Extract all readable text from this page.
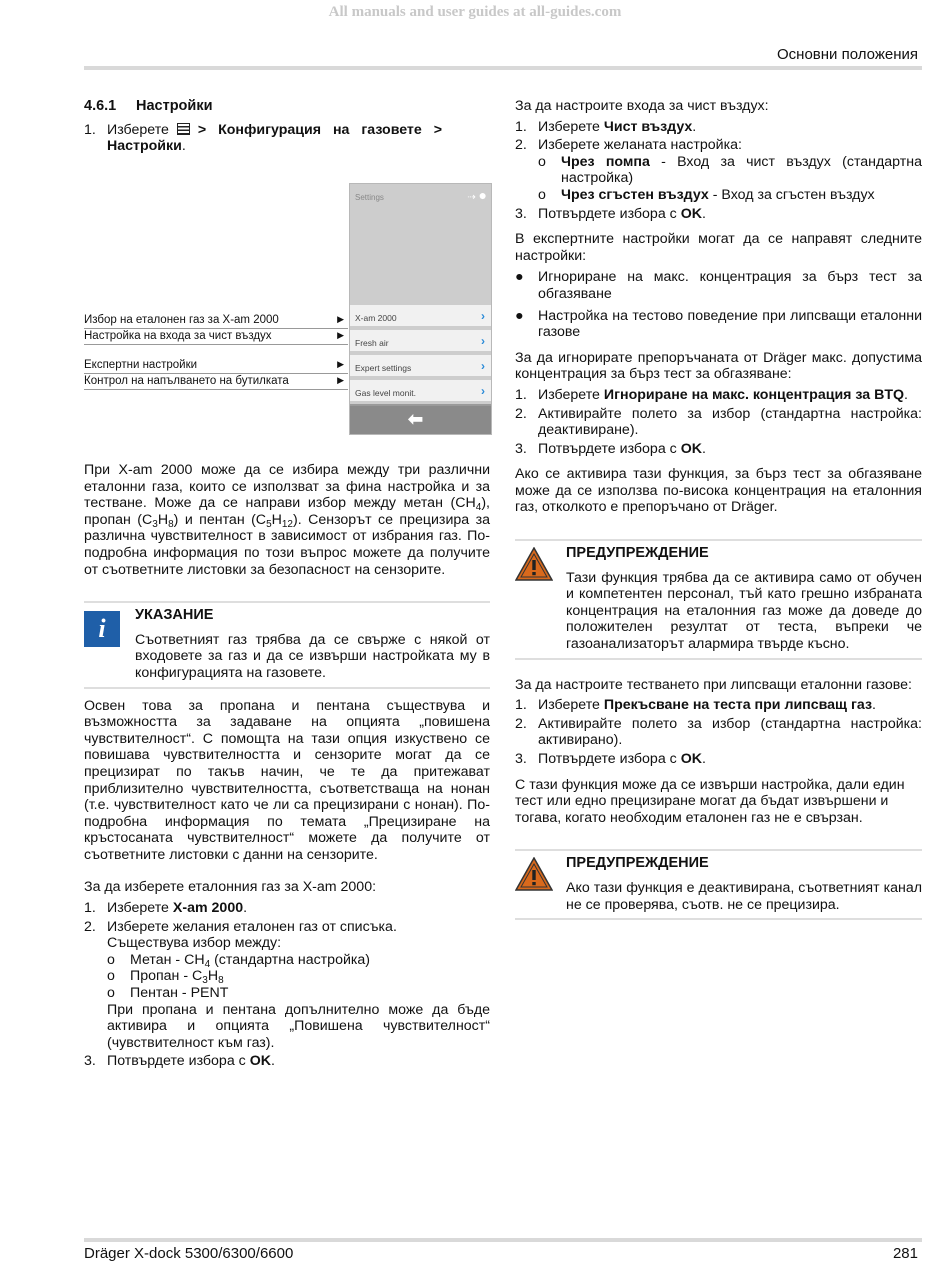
All manuals and user guides at all-guides.com
Основни положения
4.6.1 Настройки
1. Изберете > Конфигурация на газовете >
Настройки.
Settings	⇢ ●
X-am 2000	›
Fresh air	›
Expert settings	›
Gas level monit.	›
⬅
Избор на еталонен газ за X-am 2000	▶
Настройка на входа за чист въздух	▶
Експертни настройки	▶
Контрол на напълването на бутилката	▶

При X-am 2000 може да се избира между три различни еталонни газа, които се използват за фина настройка и за тестване. Може да се направи избор между метан $(CH_4)$, пропан $(C_3H_8)$ и пентан $(C_5H_{12})$. Сензорът се прецизира за различна чувствителност в зависимост от избрания газ. По-подробна информация по този въпрос можете да получите от съответните листовки за безопасност на сензорите.

i	УКАЗАНИЕ

Съответният газ трябва да се свърже с някой от входовете за газ и да се извърши настройката му в конфигурацията на газовете.

Освен това за пропана и пентана съществува и възможността за задаване на опцията „повишена чувствителност“. С помощта на тази опция изкуствено се повишава чувствителността и сензорите могат да се прецизират по такъв начин, че те да притежават приблизително чувствителността, съответстваща на нонан (т.е. чувствителност като че ли са прецизирани с нонан). По-подробна информация по темата „Прецизиране на кръстосаната чувствителност“ можете да получите от съответните листовки с данни на сензорите.

За да изберете еталонния газ за X-am 2000:

1. Изберете X-am 2000.
2. Изберете желания еталонен газ от списъка.
Съществува избор между:
o Метан - $CH_4$ (стандартна настройка)
o Пропан - $C_3H_8$
o Пентан - PENT

При пропана и пентана допълнително може да бъде активира и опцията „Повишена чувствителност“ (чувствителност към газ).

3. Потвърдете избора с OK.

За да настроите входа за чист въздух:

1. Изберете Чист въздух.
2. Изберете желаната настройка:
o Чрез помпа - Вход за чист въздух (стандартна настройка)
o Чрез сгъстен въздух - Вход за сгъстен въздух
3. Потвърдете избора с OK.

В експертните настройки могат да се направят следните настройки:

● Игнориране на макс. концентрация за бърз тест за обгазяване
● Настройка на тестово поведение при липсващи еталонни газове

За да игнорирате препоръчаната от Dräger макс. допустима концентрация за бърз тест за обгазяване:

1. Изберете Игнориране на макс. концентрация за BTQ.
2. Активирайте полето за избор (стандартна настройка: деактивиране).
3. Потвърдете избора с OK.

Ако се активира тази функция, за бърз тест за обгазяване може да се използва по-висока концентрация на еталонния газ, отколкото е препоръчано от Dräger.

ПРЕДУПРЕЖДЕНИЕ

Тази функция трябва да се активира само от обучен и компетентен персонал, тъй като грешно избраната концентрация на еталонния газ може да доведе до положителен резултат от теста, въпреки че газоанализаторът алармира твърде късно.

За да настроите тестването при липсващи еталонни газове:

1. Изберете Прекъсване на теста при липсващ газ.
2. Активирайте полето за избор (стандартна настройка: активирано).
3. Потвърдете избора с OK.

С тази функция може да се извърши настройка, дали един тест или едно прецизиране могат да бъдат извършени и тогава, когато необходим еталонен газ не е свързан.

ПРЕДУПРЕЖДЕНИЕ

Ако тази функция е деактивирана, съответният канал не се проверява, съотв. не се прецизира.

Dräger X-dock 5300/6300/6600	281
